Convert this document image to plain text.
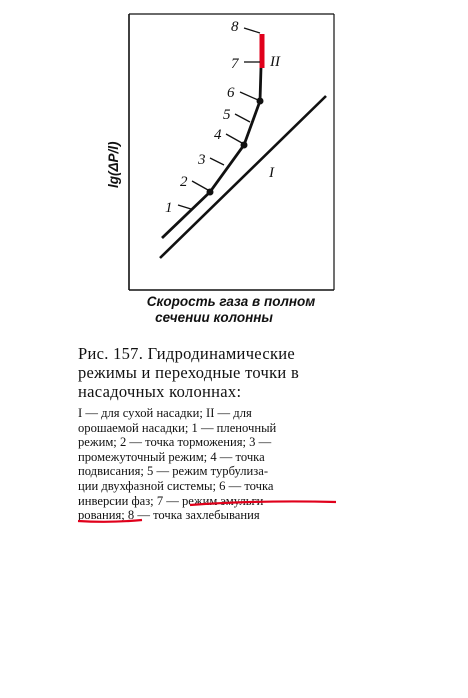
I
II
1
2
3
4
5
6
7
8
lg(ΔP/l)
Скорость газа в полном
сечении колонны
Рис. 157. Гидродинамические
режимы и переходные точки в
насадочных колоннах:
I — для сухой насадки; II — для
орошаемой насадки; 1 — пленочный
режим; 2 — точка торможения; 3 —
промежуточный режим; 4 — точка
подвисания; 5 — режим турбулиза-
ции двухфазной системы; 6 — точка
инверсии фаз; 7 — режим эмульги-
рования; 8 — точка захлебывания
